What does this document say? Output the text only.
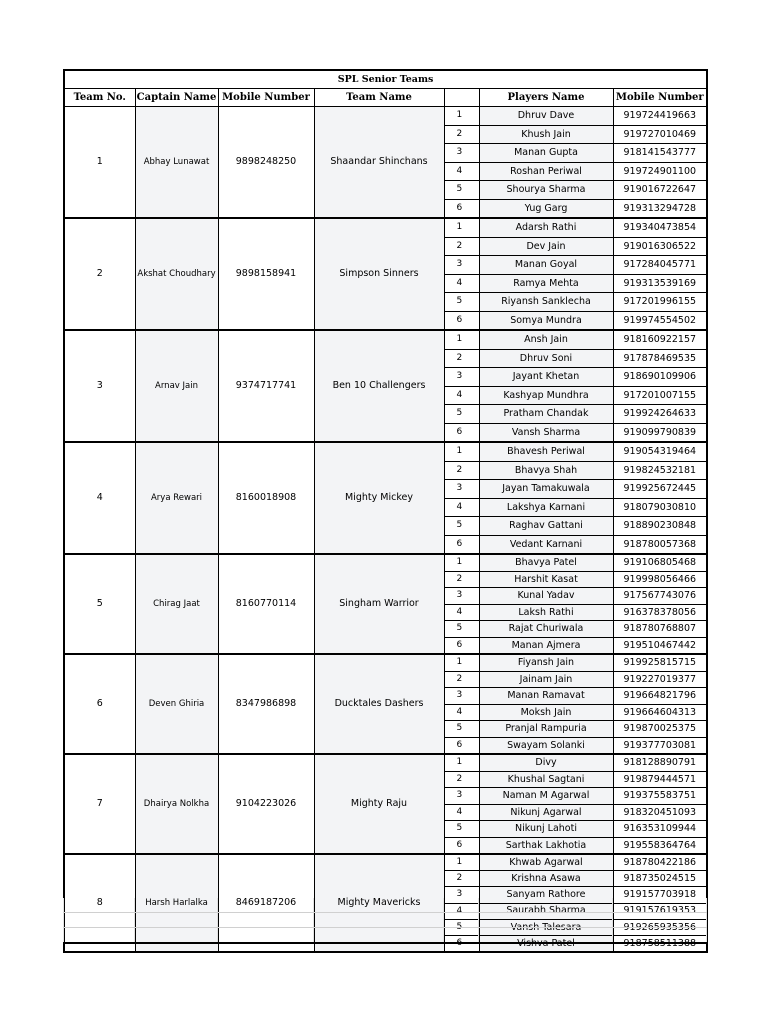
SPL Senior Teams						
Team No.	Captain Name	Mobile Number	Team Name		Players Name	Mobile Number
1	Abhay Lunawat	9898248250	Shaandar Shinchans	1	Dhruv Dave	919724419663
				2	Khush Jain	919727010469
				3	Manan Gupta	918141543777
				4	Roshan Periwal	919724901100
				5	Shourya Sharma	919016722647
				6	Yug Garg	919313294728
2	Akshat Choudhary	9898158941	Simpson Sinners	1	Adarsh Rathi	919340473854
				2	Dev Jain	919016306522
				3	Manan Goyal	917284045771
				4	Ramya Mehta	919313539169
				5	Riyansh Sanklecha	917201996155
				6	Somya Mundra	919974554502
3	Arnav Jain	9374717741	Ben 10 Challengers	1	Ansh Jain	918160922157
				2	Dhruv Soni	917878469535
				3	Jayant Khetan	918690109906
				4	Kashyap Mundhra	917201007155
				5	Pratham Chandak	919924264633
				6	Vansh Sharma	919099790839
4	Arya Rewari	8160018908	Mighty Mickey	1	Bhavesh Periwal	919054319464
				2	Bhavya Shah	919824532181
				3	Jayan Tamakuwala	919925672445
				4	Lakshya Karnani	918079030810
				5	Raghav Gattani	918890230848
				6	Vedant Karnani	918780057368
5	Chirag Jaat	8160770114	Singham Warrior	1	Bhavya Patel	919106805468
				2	Harshit Kasat	919998056466
				3	Kunal Yadav	917567743076
				4	Laksh Rathi	916378378056
				5	Rajat Churiwala	918780768807
				6	Manan Ajmera	919510467442
6	Deven Ghiria	8347986898	Ducktales Dashers	1	Fiyansh Jain	919925815715
				2	Jainam Jain	919227019377
				3	Manan Ramavat	919664821796
				4	Moksh Jain	919664604313
				5	Pranjal Rampuria	919870025375
				6	Swayam Solanki	919377703081
7	Dhairya Nolkha	9104223026	Mighty Raju	1	Divy	918128890791
				2	Khushal Sagtani	919879444571
				3	Naman M Agarwal	919375583751
				4	Nikunj Agarwal	918320451093
				5	Nikunj Lahoti	916353109944
				6	Sarthak Lakhotia	919558364764
8	Harsh Harlalka	8469187206	Mighty Mavericks	1	Khwab Agarwal	918780422186
				2	Krishna Asawa	918735024515
				3	Sanyam Rathore	919157703918
				4	Saurabh Sharma	919157619353
				5	Vansh Talesara	919265935356
				6	Vishva Patel	918758511388
